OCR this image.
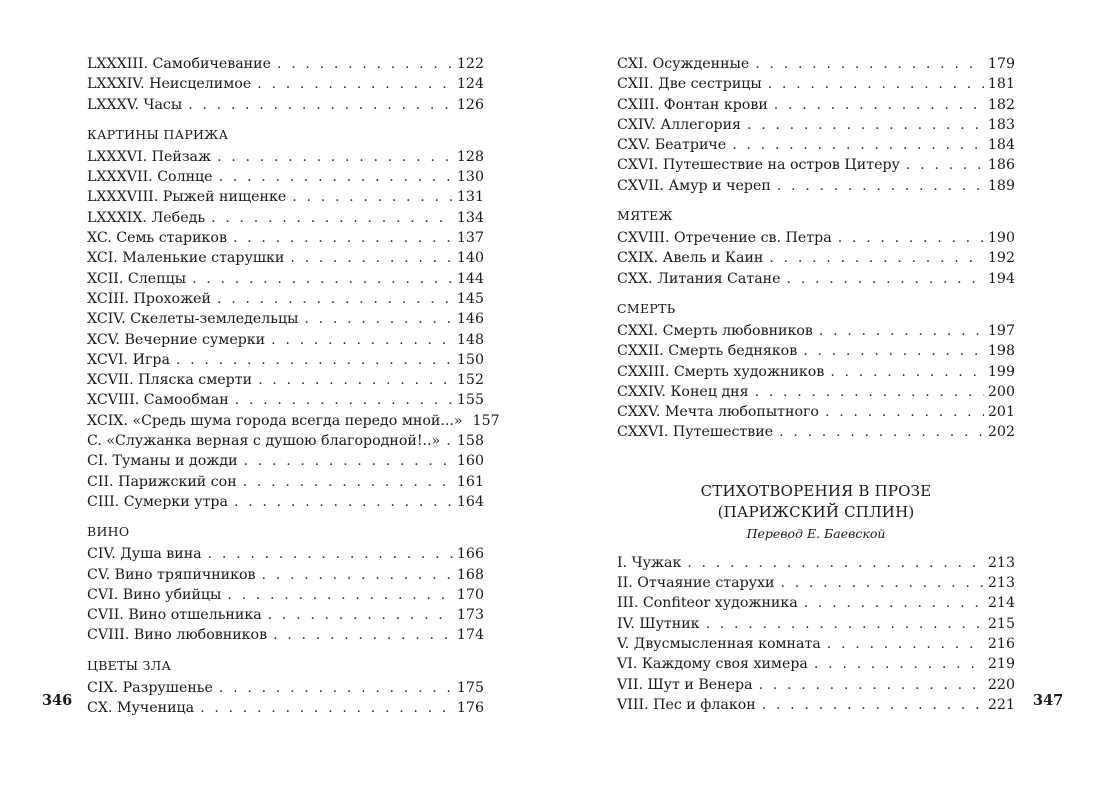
LXXXIII. Самобичевание . . .	122
LXXXIV. Неисцелимое . . .	124
LXXXV. Часы . . .	126
КАРТИНЫ ПАРИЖА
LXXXVI. Пейзаж . . .	128
LXXXVII. Солнце . . .	130
LXXXVIII. Рыжей нищенке . . .	131
LXXXIX. Лебедь . . .	134
XC. Семь стариков . . .	137
XCI. Маленькие старушки . . .	140
XCII. Слепцы . . .	144
XCIII. Прохожей . . .	145
XCIV. Скелеты-земледельцы . . .	146
XCV. Вечерние сумерки . . .	148
XCVI. Игра . . .	150
XCVII. Пляска смерти . . .	152
XCVIII. Самообман . . .	155
XCIX. «Средь шума города всегда передо мной...» 157
C. «Служанка верная с душою благородной!..» . . .	158
CI. Туманы и дожди . . .	160
CII. Парижский сон . . .	161
CIII. Сумерки утра . . .	164
ВИНО
CIV. Душа вина . . .	166
CV. Вино тряпичников . . .	168
CVI. Вино убийцы . . .	170
CVII. Вино отшельника . . .	173
CVIII. Вино любовников . . .	174
ЦВЕТЫ ЗЛА
CIX. Разрушенье . . .	175
CX. Мученица . . .	176
346
CXI. Осужденные . . .	179
CXII. Две сестрицы . . .	181
CXIII. Фонтан крови . . .	182
CXIV. Аллегория . . .	183
CXV. Беатриче . . .	184
CXVI. Путешествие на остров Цитеру . . .	186
CXVII. Амур и череп . . .	189
МЯТЕЖ
CXVIII. Отречение св. Петра . . .	190
CXIX. Авель и Каин . . .	192
CXX. Литания Сатане . . .	194
СМЕРТЬ
CXXI. Смерть любовников . . .	197
CXXII. Смерть бедняков . . .	198
CXXIII. Смерть художников . . .	199
CXXIV. Конец дня . . .	200
CXXV. Мечта любопытного . . .	201
CXXVI. Путешествие . . .	202
СТИХОТВОРЕНИЯ В ПРОЗЕ
(ПАРИЖСКИЙ СПЛИН)
Перевод Е. Баевской
I. Чужак . . .	213
II. Отчаяние старухи . . .	213
III. Confiteor художника . . .	214
IV. Шутник . . .	215
V. Двусмысленная комната . . .	216
VI. Каждому своя химера . . .	219
VII. Шут и Венера . . .	220
VIII. Пес и флакон . . .	221 347
